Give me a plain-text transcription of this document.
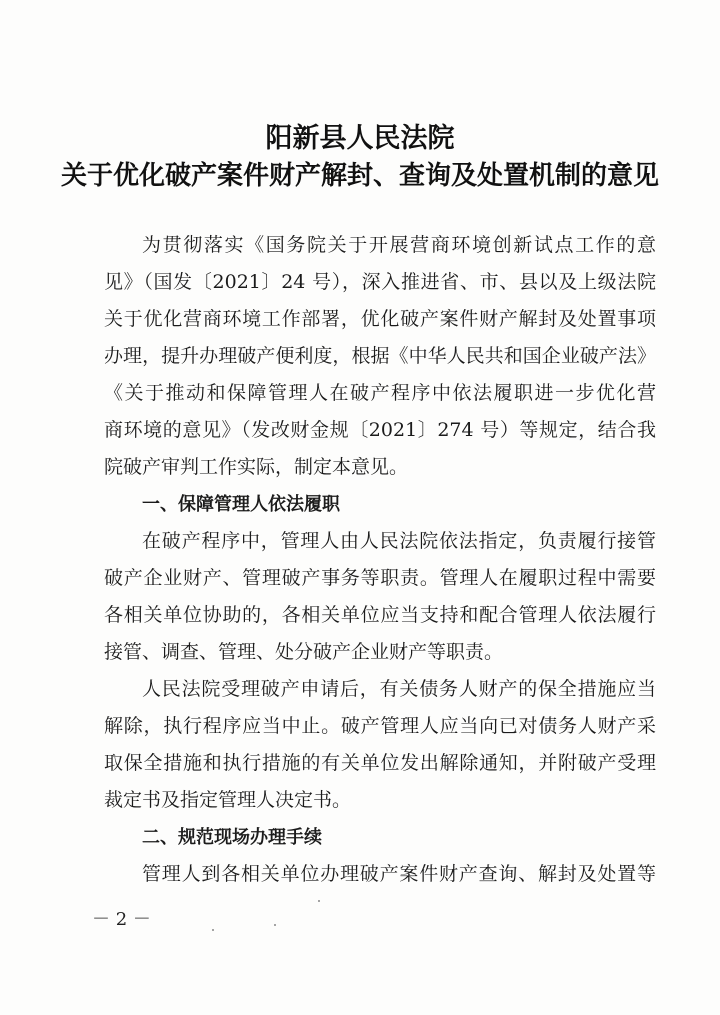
阳新县人民法院
关于优化破产案件财产解封、查询及处置机制的意见
为贯彻落实《国务院关于开展营商环境创新试点工作的意
见》（国发〔2021〕24 号），深入推进省、市、县以及上级法院
关于优化营商环境工作部署，优化破产案件财产解封及处置事项
办理，提升办理破产便利度，根据《中华人民共和国企业破产法》
《关于推动和保障管理人在破产程序中依法履职进一步优化营
商环境的意见》（发改财金规〔2021〕274 号）等规定，结合我
院破产审判工作实际，制定本意见。
一、保障管理人依法履职
在破产程序中，管理人由人民法院依法指定，负责履行接管
破产企业财产、管理破产事务等职责。管理人在履职过程中需要
各相关单位协助的，各相关单位应当支持和配合管理人依法履行
接管、调查、管理、处分破产企业财产等职责。
人民法院受理破产申请后，有关债务人财产的保全措施应当
解除，执行程序应当中止。破产管理人应当向已对债务人财产采
取保全措施和执行措施的有关单位发出解除通知，并附破产受理
裁定书及指定管理人决定书。
二、规范现场办理手续
管理人到各相关单位办理破产案件财产查询、解封及处置等
－ 2 －
